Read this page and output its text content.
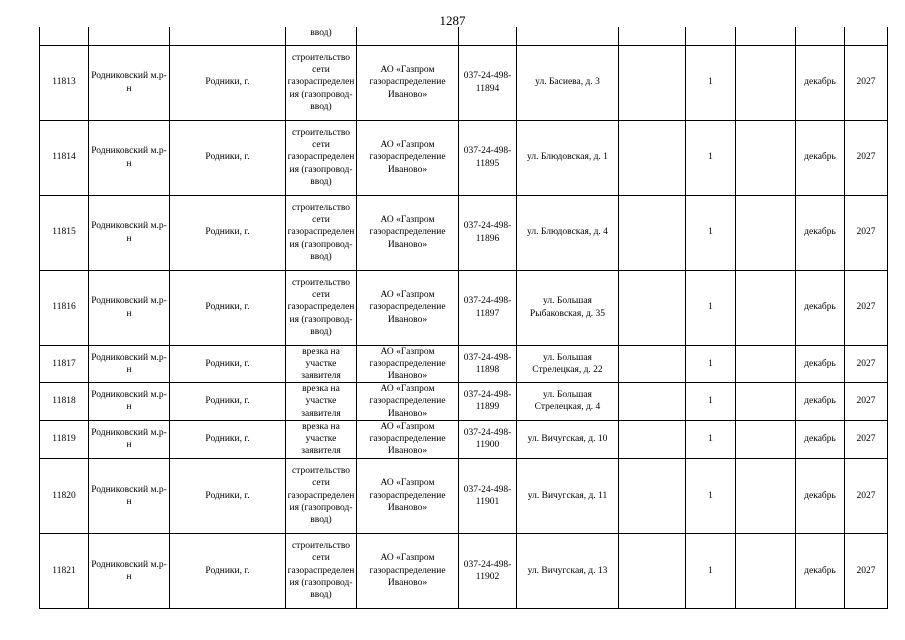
1287
			ввод)								
11813	Родниковский м.р-н	Родники, г.	строительство сети газораспределения (газопровод-ввод)	АО «Газпром газораспределение Иваново»	037-24-498-11894	ул. Басиева, д. 3		1		декабрь	2027
11814	Родниковский м.р-н	Родники, г.	строительство сети газораспределения (газопровод-ввод)	АО «Газпром газораспределение Иваново»	037-24-498-11895	ул. Блюдовская, д. 1		1		декабрь	2027
11815	Родниковский м.р-н	Родники, г.	строительство сети газораспределения (газопровод-ввод)	АО «Газпром газораспределение Иваново»	037-24-498-11896	ул. Блюдовская, д. 4		1		декабрь	2027
11816	Родниковский м.р-н	Родники, г.	строительство сети газораспределения (газопровод-ввод)	АО «Газпром газораспределение Иваново»	037-24-498-11897	ул. Большая Рыбаковская, д. 35		1		декабрь	2027
11817	Родниковский м.р-н	Родники, г.	врезка на участке заявителя	АО «Газпром газораспределение Иваново»	037-24-498-11898	ул. Большая Стрелецкая, д. 22		1		декабрь	2027
11818	Родниковский м.р-н	Родники, г.	врезка на участке заявителя	АО «Газпром газораспределение Иваново»	037-24-498-11899	ул. Большая Стрелецкая, д. 4		1		декабрь	2027
11819	Родниковский м.р-н	Родники, г.	врезка на участке заявителя	АО «Газпром газораспределение Иваново»	037-24-498-11900	ул. Вичугская, д. 10		1		декабрь	2027
11820	Родниковский м.р-н	Родники, г.	строительство сети газораспределения (газопровод-ввод)	АО «Газпром газораспределение Иваново»	037-24-498-11901	ул. Вичугская, д. 11		1		декабрь	2027
11821	Родниковский м.р-н	Родники, г.	строительство сети газораспределения (газопровод-ввод)	АО «Газпром газораспределение Иваново»	037-24-498-11902	ул. Вичугская, д. 13		1		декабрь	2027
